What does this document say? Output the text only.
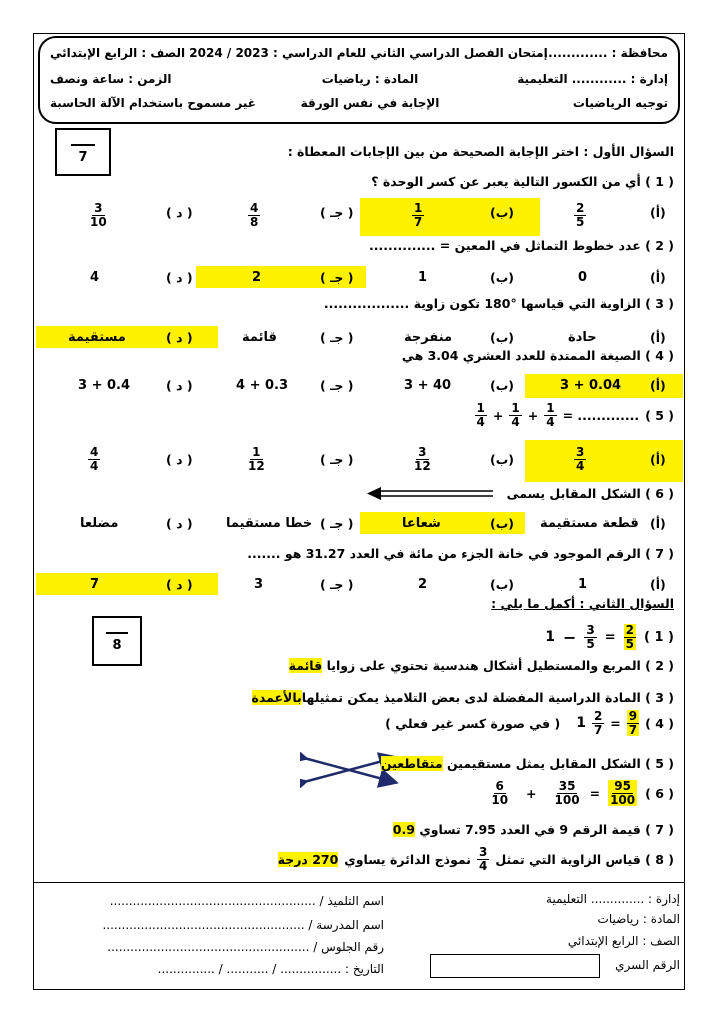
محافظة : ...............
إمتحان الفصل الدراسي الثاني للعام الدراسي : 2023 / 2024 الصف : الرابع الإبتدائي
إدارة : ............ التعليمية
المادة : رياضيات
الزمن : ساعة ونصف
توجيه الرياضيات
الإجابة في نفس الورقة
غير مسموح باستخدام الآلة الحاسبة
7	السؤال الأول : اختر الإجابة الصحيحة من بين الإجابات المعطاة :
( 1 ) أي من الكسور التالية يعبر عن كسر الوحدة ؟
(أ)
$\frac{2}{5}$
(ب)
$\frac{1}{7}$
( جـ )
$\frac{4}{8}$
( د )
$\frac{3}{10}$
( 2 ) عدد خطوط التماثل في المعين = ..............
(أ)
0
(ب)
1
( جـ )
2
( د )
4
( 3 ) الزاوية التي قياسها °180 تكون زاوية ..................
(أ)
حادة
(ب)
منفرجة
( جـ )
قائمة
( د )
مستقيمة
( 4 ) الصيغة الممتدة للعدد العشري 3.04 هي
(أ)
3 + 0.04
(ب)
3 + 40
( جـ )
4 + 0.3
( د )
3 + 0.4
( 5 )
............. =
$\frac{1}{4}$
+
$\frac{1}{4}$
+
$\frac{1}{4}$
(أ)
$\frac{3}{4}$
(ب)
$\frac{3}{12}$
( جـ )
$\frac{1}{12}$
( د )
$\frac{4}{4}$
( 6 ) الشكل المقابل يسمى
(أ)
قطعة مستقيمة
(ب)
شعاعا
( جـ )
خطا مستقيما
( د )
مضلعا
( 7 ) الرقم الموجود في خانة الجزء من مائة في العدد 31.27 هو .......
(أ)
1
(ب)
2
( جـ )
3
( د )
7
السؤال الثاني : أكمل ما يلي :
8
( 1 )
$\frac{2}{5}$
=
$\frac{3}{5}$
−
1
( 2 ) المربع والمستطيل أشكال هندسية تحتوي على زوايا قائمة
( 3 ) المادة الدراسية المفضلة لدى بعض التلاميذ يمكن تمثيلهابالأعمدة
( 4 )
$\frac{9}{7}$
=
$\frac{2}{7}$
1
( في صورة كسر غير فعلي )
( 5 ) الشكل المقابل يمثل مستقيمين متقاطعين
( 6 )
$\frac{95}{100}$
=
$\frac{35}{100}$
+
$\frac{6}{10}$
( 7 ) قيمة الرقم 9 في العدد 7.95 تساوي 0.9
( 8 ) قياس الزاوية التي تمثل
$\frac{3}{4}$
نموذج الدائرة يساوي
270 درجة
إدارة : .............. التعليمية
المادة : رياضيات
الصف : الرابع الإبتدائي
الرقم السري
اسم التلميذ / ......................................................
اسم المدرسة / .....................................................
رقم الجلوس / .....................................................
التاريخ : ................ / ........... / ...............
